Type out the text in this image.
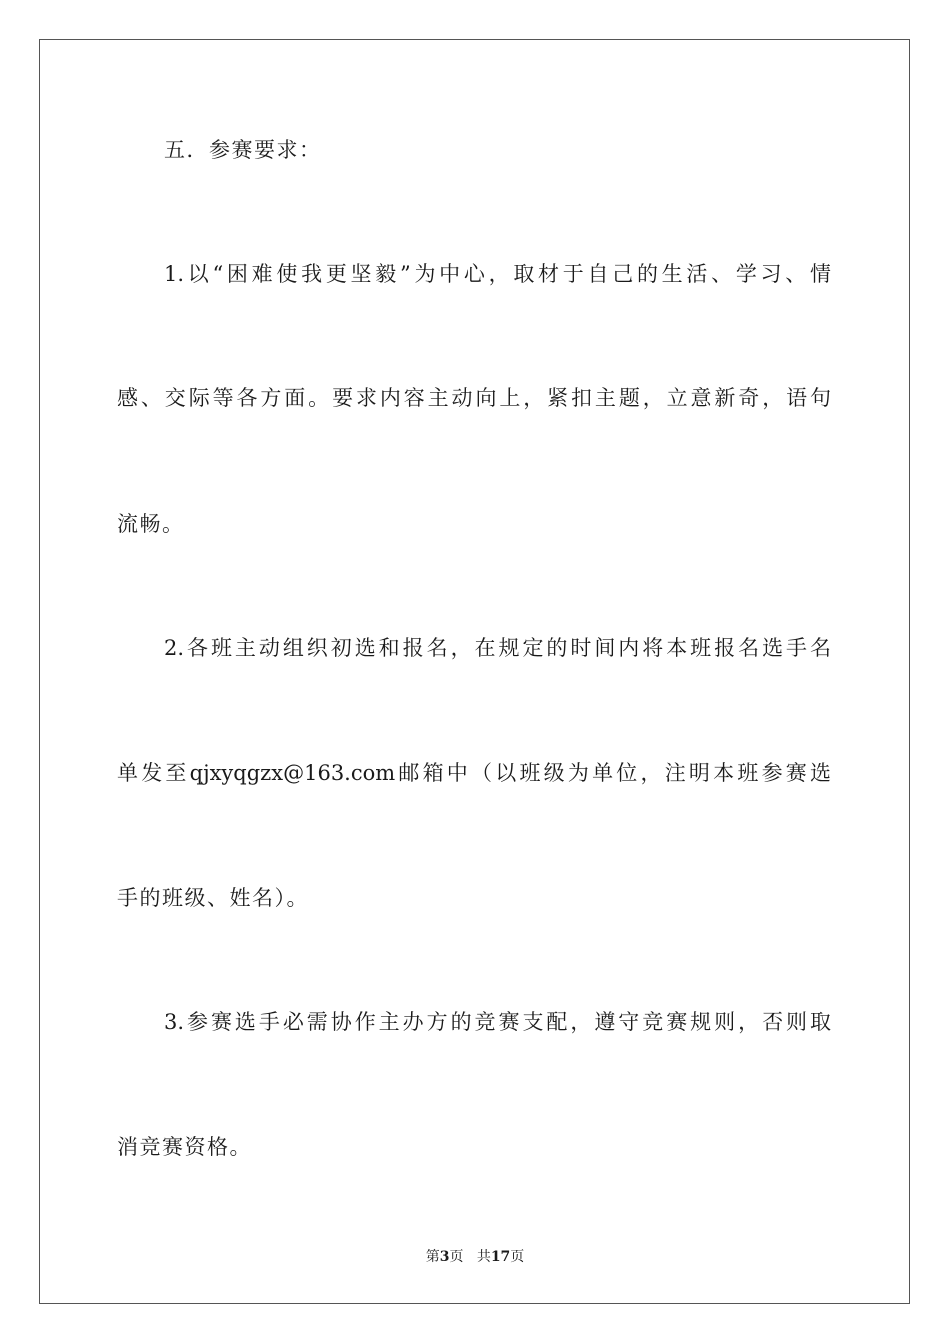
五．参赛要求：
1.以“困难使我更坚毅”为中心，取材于自己的生活、学习、情
感、交际等各方面。要求内容主动向上，紧扣主题，立意新奇，语句
流畅。
2.各班主动组织初选和报名，在规定的时间内将本班报名选手名
单发至qjxyqgzx@163.com邮箱中（以班级为单位，注明本班参赛选
手的班级、姓名）。
3.参赛选手必需协作主办方的竞赛支配，遵守竞赛规则，否则取
消竞赛资格。
第3页 共17页
